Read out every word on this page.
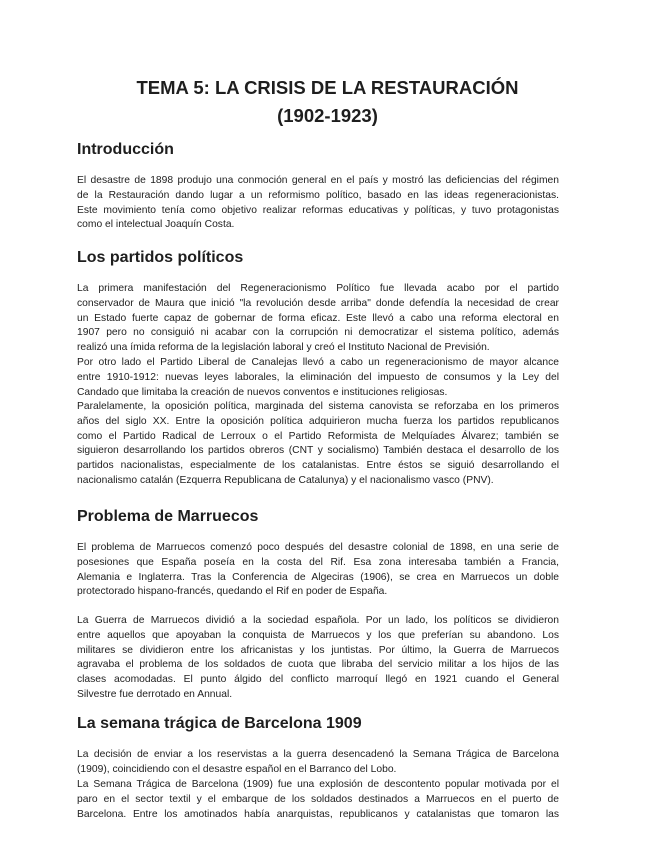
TEMA 5: LA CRISIS DE LA RESTAURACIÓN
(1902-1923)
Introducción
El desastre de 1898 produjo una conmoción general en el país y mostró las deficiencias del régimen
de la Restauración dando lugar a un reformismo político, basado en las ideas regeneracionistas.
Este movimiento tenía como objetivo realizar reformas educativas y políticas, y tuvo protagonistas
como el intelectual Joaquín Costa.
Los partidos políticos
La primera manifestación del Regeneracionismo Político fue llevada acabo por el partido
conservador de Maura que inició "la revolución desde arriba" donde defendía la necesidad de crear
un Estado fuerte capaz de gobernar de forma eficaz. Este llevó a cabo una reforma electoral en
1907 pero no consiguió ni acabar con la corrupción ni democratizar el sistema político, además
realizó una ímida reforma de la legislación laboral y creó el Instituto Nacional de Previsión.
Por otro lado el Partido Liberal de Canalejas llevó a cabo un regeneracionismo de mayor alcance
entre 1910-1912: nuevas leyes laborales, la eliminación del impuesto de consumos y la Ley del
Candado que limitaba la creación de nuevos conventos e instituciones religiosas.
Paralelamente, la oposición política, marginada del sistema canovista se reforzaba en los primeros
años del siglo XX. Entre la oposición política adquirieron mucha fuerza los partidos republicanos
como el Partido Radical de Lerroux o el Partido Reformista de Melquíades Álvarez; también se
siguieron desarrollando los partidos obreros (CNT y socialismo) También destaca el desarrollo de los
partidos nacionalistas, especialmente de los catalanistas. Entre éstos se siguió desarrollando el
nacionalismo catalán (Ezquerra Republicana de Catalunya) y el nacionalismo vasco (PNV).
Problema de Marruecos
El problema de Marruecos comenzó poco después del desastre colonial de 1898, en una serie de
posesiones que España poseía en la costa del Rif. Esa zona interesaba también a Francia,
Alemania e Inglaterra. Tras la Conferencia de Algeciras (1906), se crea en Marruecos un doble
protectorado hispano-francés, quedando el Rif en poder de España.
La Guerra de Marruecos dividió a la sociedad española. Por un lado, los políticos se dividieron
entre aquellos que apoyaban la conquista de Marruecos y los que preferían su abandono. Los
militares se dividieron entre los africanistas y los juntistas. Por último, la Guerra de Marruecos
agravaba el problema de los soldados de cuota que libraba del servicio militar a los hijos de las
clases acomodadas. El punto álgido del conflicto marroquí llegó en 1921 cuando el General
Silvestre fue derrotado en Annual.
La semana trágica de Barcelona 1909
La decisión de enviar a los reservistas a la guerra desencadenó la Semana Trágica de Barcelona
(1909), coincidiendo con el desastre español en el Barranco del Lobo.
La Semana Trágica de Barcelona (1909) fue una explosión de descontento popular motivada por el
paro en el sector textil y el embarque de los soldados destinados a Marruecos en el puerto de
Barcelona. Entre los amotinados había anarquistas, republicanos y catalanistas que tomaron las
